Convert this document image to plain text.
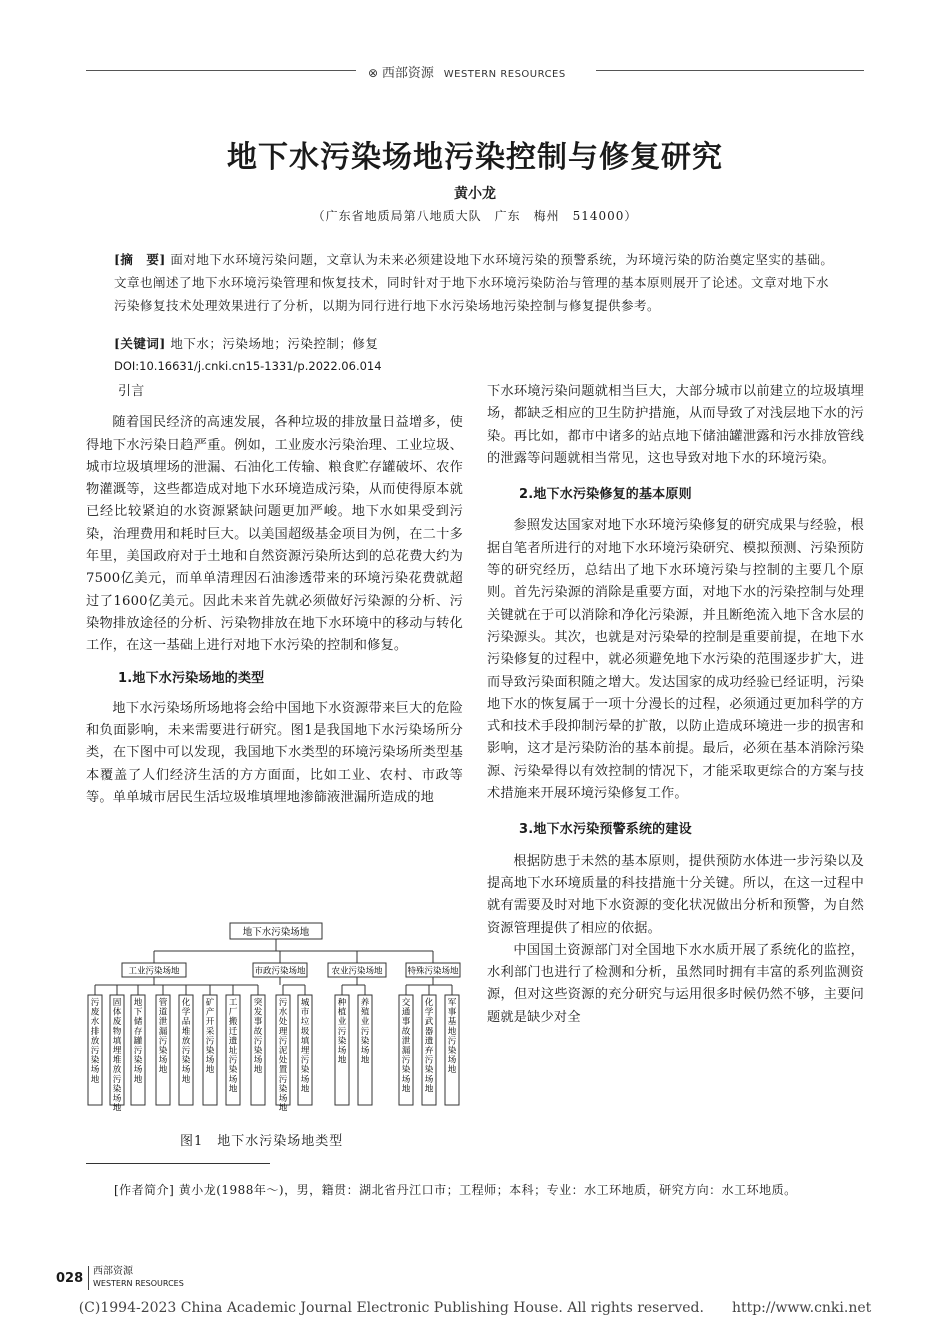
⊗ 西部资源 WESTERN RESOURCES
地下水污染场地污染控制与修复研究
黄小龙
（广东省地质局第八地质大队　广东　梅州　514000）
[摘　要] 面对地下水环境污染问题，文章认为未来必须建设地下水环境污染的预警系统，为环境污染的防治奠定坚实的基础。文章也阐述了地下水环境污染管理和恢复技术，同时针对于地下水环境污染防治与管理的基本原则展开了论述。文章对地下水污染修复技术处理效果进行了分析，以期为同行进行地下水污染场地污染控制与修复提供参考。
[关键词] 地下水；污染场地；污染控制；修复
DOI:10.16631/j.cnki.cn15-1331/p.2022.06.014
引言

随着国民经济的高速发展，各种垃圾的排放量日益增多，使得地下水污染日趋严重。例如，工业废水污染治理、工业垃圾、城市垃圾填埋场的泄漏、石油化工传输、粮食贮存罐破坏、农作物灌溉等，这些都造成对地下水环境造成污染，从而使得原本就已经比较紧迫的水资源紧缺问题更加严峻。地下水如果受到污染，治理费用和耗时巨大。以美国超级基金项目为例，在二十多年里，美国政府对于土地和自然资源污染所达到的总花费大约为7500亿美元，而单单清理因石油渗透带来的环境污染花费就超过了1600亿美元。因此未来首先就必须做好污染源的分析、污染物排放途径的分析、污染物排放在地下水环境中的移动与转化工作，在这一基础上进行对地下水污染的控制和修复。

1.地下水污染场地的类型

地下水污染场所场地将会给中国地下水资源带来巨大的危险和负面影响，未来需要进行研究。图1是我国地下水污染场所分类，在下图中可以发现，我国地下水类型的环境污染场所类型基本覆盖了人们经济生活的方方面面，比如工业、农村、市政等等。单单城市居民生活垃圾堆填埋地渗篩液泄漏所造成的地

地下水污染场地
工业污染场地	市政污染场地	农业污染场地	特殊污染场地
污废水排放污染场地
固体废物填埋堆放污染场地
地下储存罐污染场地
管道泄漏污染场地
化学品堆放污染场地
矿产开采污染场地
工厂搬迁遗址污染场地
突发事故污染场地
污水处理污泥处置污染场地
城市垃圾填埋污染场地
种植业污染场地
养殖业污染场地
交通事故泄漏污染场地
化学武器遗弃污染场地
军事基地污染场地
图1　地下水污染场地类型

下水环境污染问题就相当巨大，大部分城市以前建立的垃圾填埋场，都缺乏相应的卫生防护措施，从而导致了对浅层地下水的污染。再比如，都市中诸多的站点地下储油罐泄露和污水排放管线的泄露等问题就相当常见，这也导致对地下水的环境污染。

2.地下水污染修复的基本原则

参照发达国家对地下水环境污染修复的研究成果与经验，根据自笔者所进行的对地下水环境污染研究、模拟预测、污染预防等的研究经历，总结出了地下水环境污染与控制的主要几个原则。首先污染源的消除是重要方面，对地下水的污染控制与处理关键就在于可以消除和净化污染源，并且断绝流入地下含水层的污染源头。其次，也就是对污染晕的控制是重要前提，在地下水污染修复的过程中，就必须避免地下水污染的范围逐步扩大，进而导致污染面积随之增大。发达国家的成功经验已经证明，污染地下水的恢复属于一项十分漫长的过程，必须通过更加科学的方式和技术手段抑制污晕的扩散，以防止造成环境进一步的损害和影响，这才是污染防治的基本前提。最后，必须在基本消除污染源、污染晕得以有效控制的情况下，才能采取更综合的方案与技术措施来开展环境污染修复工作。

3.地下水污染预警系统的建设

根据防患于未然的基本原则，提供预防水体进一步污染以及提高地下水环境质量的科技措施十分关键。所以，在这一过程中就有需要及时对地下水资源的变化状况做出分析和预警，为自然资源管理提供了相应的依据。

中国国土资源部门对全国地下水水质开展了系统化的监控，水利部门也进行了检测和分析，虽然同时拥有丰富的系列监测资源，但对这些资源的充分研究与运用很多时候仍然不够，主要问题就是缺少对全

[作者简介] 黄小龙(1988年～)，男，籍贯：湖北省丹江口市；工程师；本科；专业：水工环地质，研究方向：水工环地质。
028 西部资源
WESTERN RESOURCES
(C)1994-2023 China Academic Journal Electronic Publishing House. All rights reserved.　　http://www.cnki.net
